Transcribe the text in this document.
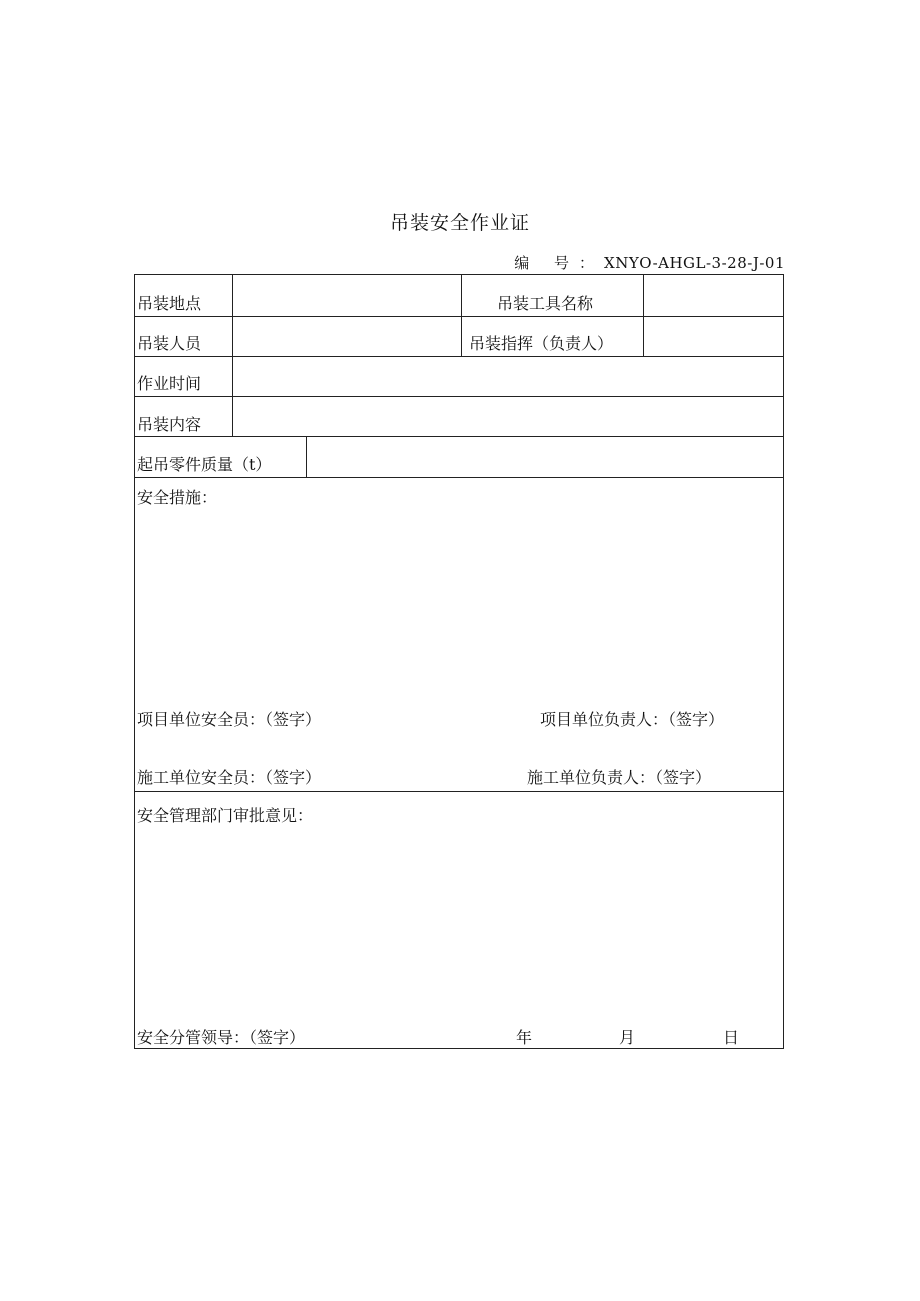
吊装安全作业证
编 号：XNYO-AHGL-3-28-J-01
吊装地点	吊装工具名称
吊装人员	吊装指挥（负责人）
作业时间
吊装内容
起吊零件质量（t）
安全措施：
项目单位安全员：（签字）	项目单位负责人：（签字）
施工单位安全员：（签字）	施工单位负责人：（签字）
安全管理部门审批意见：
安全分管领导：（签字）	年	月	日
